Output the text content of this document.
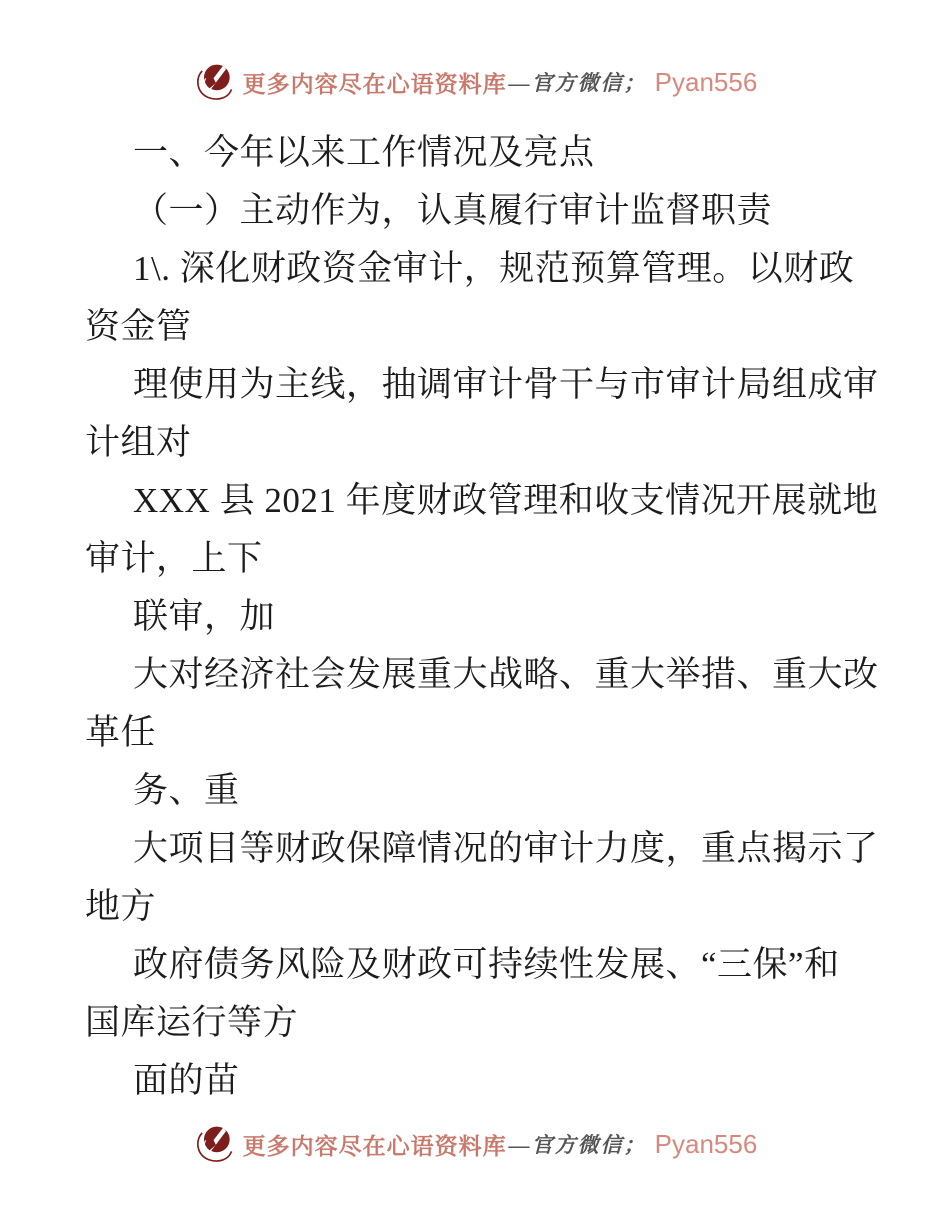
更多内容尽在心语资料库 —官方微信； Pyan556
一、今年以来工作情况及亮点
（一）主动作为，认真履行审计监督职责
1\. 深化财政资金审计，规范预算管理。以财政
资金管
理使用为主线，抽调审计骨干与市审计局组成审
计组对
XXX 县 2021 年度财政管理和收支情况开展就地
审计，上下
联审，加
大对经济社会发展重大战略、重大举措、重大改
革任
务、重
大项目等财政保障情况的审计力度，重点揭示了
地方
政府债务风险及财政可持续性发展、“三保”和
国库运行等方
面的苗
更多内容尽在心语资料库 —官方微信； Pyan556
